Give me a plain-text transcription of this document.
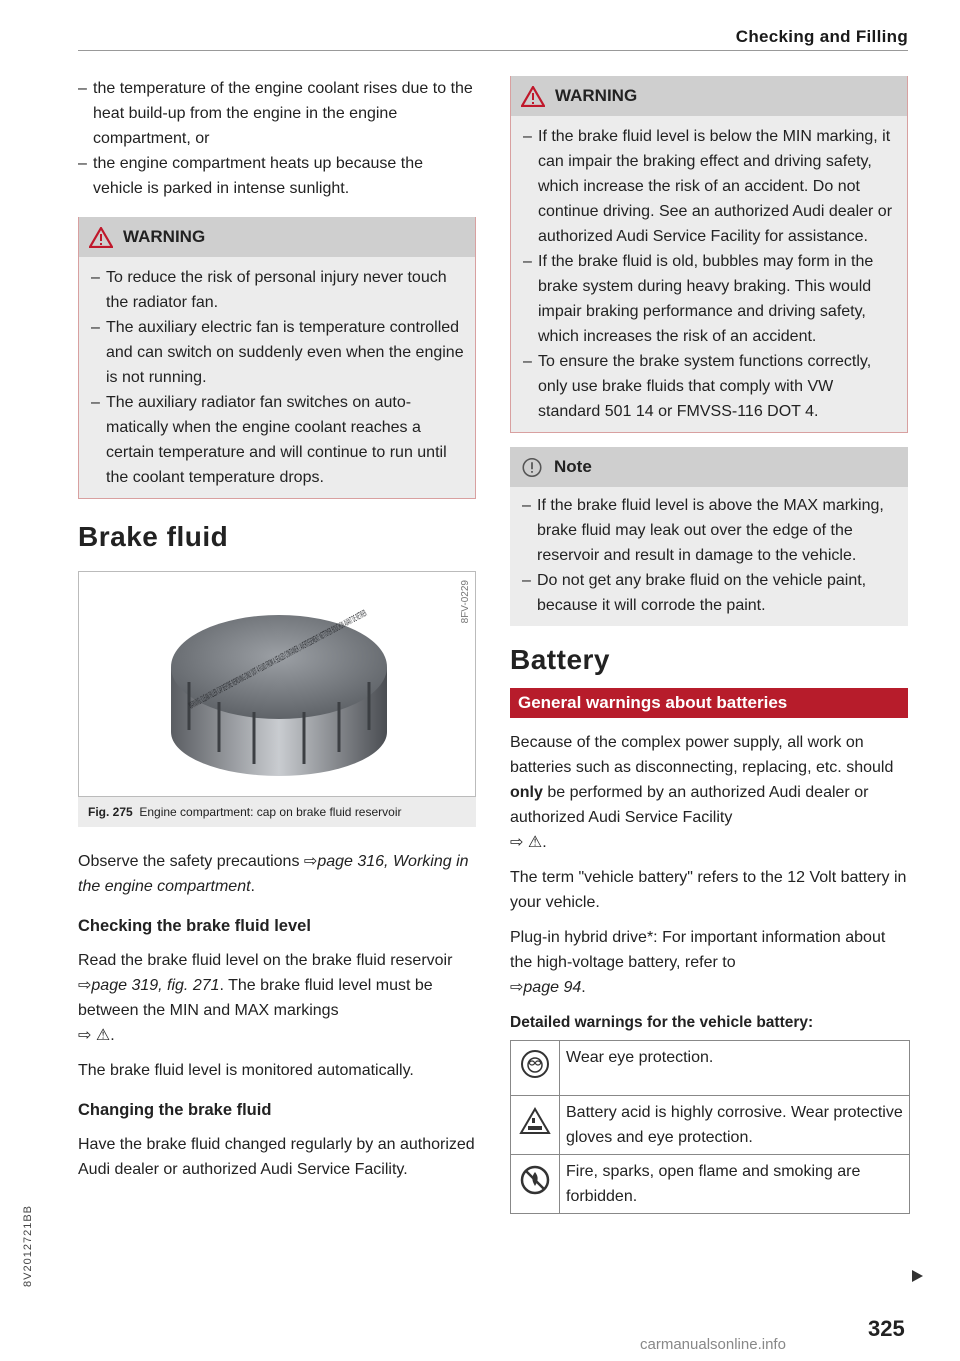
Checking and Filling
– the temperature of the engine coolant rises due to the heat build-up from the engine in the engine compartment, or
– the engine compartment heats up because the vehicle is parked in intense sunlight.
WARNING
– To reduce the risk of personal injury never touch the radiator fan.
– The auxiliary electric fan is temperature controlled and can switch on suddenly even when the engine is not running.
– The auxiliary radiator fan switches on automatically when the engine coolant reaches a certain temperature and will continue to run until the coolant temperature drops.
Brake fluid
8FV-0229
Fig. 275 Engine compartment: cap on brake fluid reservoir

Observe the safety precautions ⇨page 316, Working in the engine compartment.

Checking the brake fluid level

Read the brake fluid level on the brake fluid reservoir ⇨page 319, fig. 271. The brake fluid level must be between the MIN and MAX markings
⇨ ⚠.

The brake fluid level is monitored automatically.

Changing the brake fluid

Have the brake fluid changed regularly by an authorized Audi dealer or authorized Audi Service Facility.

WARNING
– If the brake fluid level is below the MIN marking, it can impair the braking effect and driving safety, which increase the risk of an accident. Do not continue driving. See an authorized Audi dealer or authorized Audi Service Facility for assistance.
– If the brake fluid is old, bubbles may form in the brake system during heavy braking. This would impair braking performance and driving safety, which increases the risk of an accident.
– To ensure the brake system functions correctly, only use brake fluids that comply with VW standard 501 14 or FMVSS-116 DOT 4.
Note
– If the brake fluid level is above the MAX marking, brake fluid may leak out over the edge of the reservoir and result in damage to the vehicle.
– Do not get any brake fluid on the vehicle paint, because it will corrode the paint.
Battery
General warnings about batteries

Because of the complex power supply, all work on batteries such as disconnecting, replacing, etc. should only be performed by an authorized Audi dealer or authorized Audi Service Facility
⇨ ⚠.

The term "vehicle battery" refers to the 12 Volt battery in your vehicle.

Plug-in hybrid drive*: For important information about the high-voltage battery, refer to
⇨page 94.

Detailed warnings for the vehicle battery:
	Wear eye protection.
	Battery acid is highly corrosive. Wear protective gloves and eye protection.
	Fire, sparks, open flame and smoking are forbidden.
325
8V2012721BB
carmanualsonline.info
